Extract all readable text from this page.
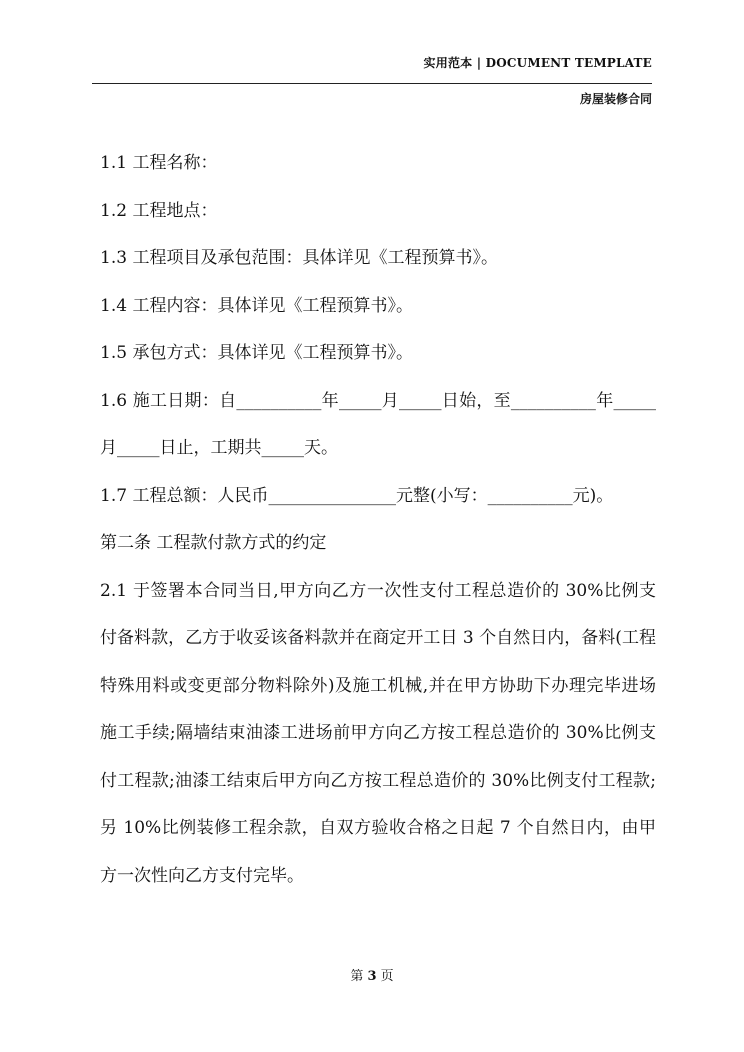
实用范本 | DOCUMENT TEMPLATE
房屋装修合同

1.1 工程名称：

1.2 工程地点：

1.3 工程项目及承包范围：具体详见《工程预算书》。

1.4 工程内容：具体详见《工程预算书》。

1.5 承包方式：具体详见《工程预算书》。

1.6 施工日期：自__________年_____月_____日始，至__________年_____月_____日止，工期共_____天。

1.7 工程总额：人民币_______________元整(小写：__________元)。

第二条 工程款付款方式的约定

2.1 于签署本合同当日,甲方向乙方一次性支付工程总造价的 30%比例支付备料款，乙方于收妥该备料款并在商定开工日 3 个自然日内，备料(工程特殊用料或变更部分物料除外)及施工机械,并在甲方协助下办理完毕进场施工手续;隔墙结束油漆工进场前甲方向乙方按工程总造价的 30%比例支付工程款;油漆工结束后甲方向乙方按工程总造价的 30%比例支付工程款;另 10%比例装修工程余款，自双方验收合格之日起 7 个自然日内，由甲方一次性向乙方支付完毕。

第 3 页
